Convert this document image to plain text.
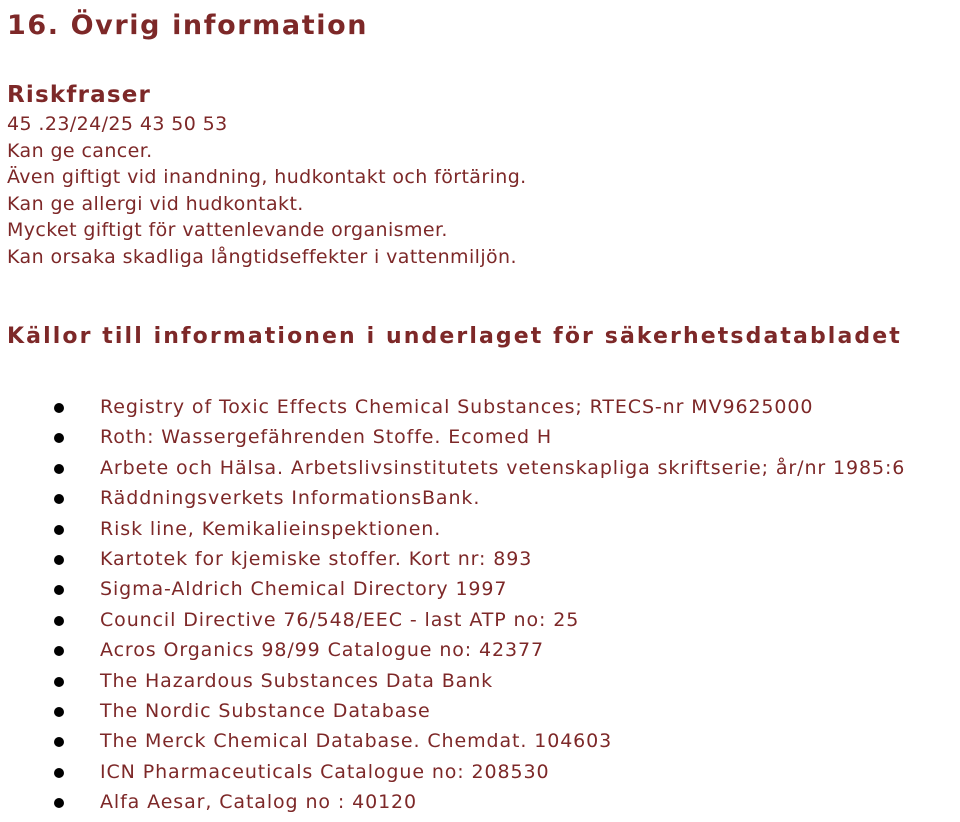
16. Övrig information
Riskfraser
45 .23/24/25 43 50 53
Kan ge cancer.
Även giftigt vid inandning, hudkontakt och förtäring.
Kan ge allergi vid hudkontakt.
Mycket giftigt för vattenlevande organismer.
Kan orsaka skadliga långtidseffekter i vattenmiljön.
Källor till informationen i underlaget för säkerhetsdatabladet
Registry of Toxic Effects Chemical Substances; RTECS-nr MV9625000
Roth: Wassergefährenden Stoffe. Ecomed H
Arbete och Hälsa. Arbetslivsinstitutets vetenskapliga skriftserie; år/nr 1985:6
Räddningsverkets InformationsBank.
Risk line, Kemikalieinspektionen.
Kartotek for kjemiske stoffer. Kort nr: 893
Sigma-Aldrich Chemical Directory 1997
Council Directive 76/548/EEC - last ATP no: 25
Acros Organics 98/99 Catalogue no: 42377
The Hazardous Substances Data Bank
The Nordic Substance Database
The Merck Chemical Database. Chemdat. 104603
ICN Pharmaceuticals Catalogue no: 208530
Alfa Aesar, Catalog no : 40120
